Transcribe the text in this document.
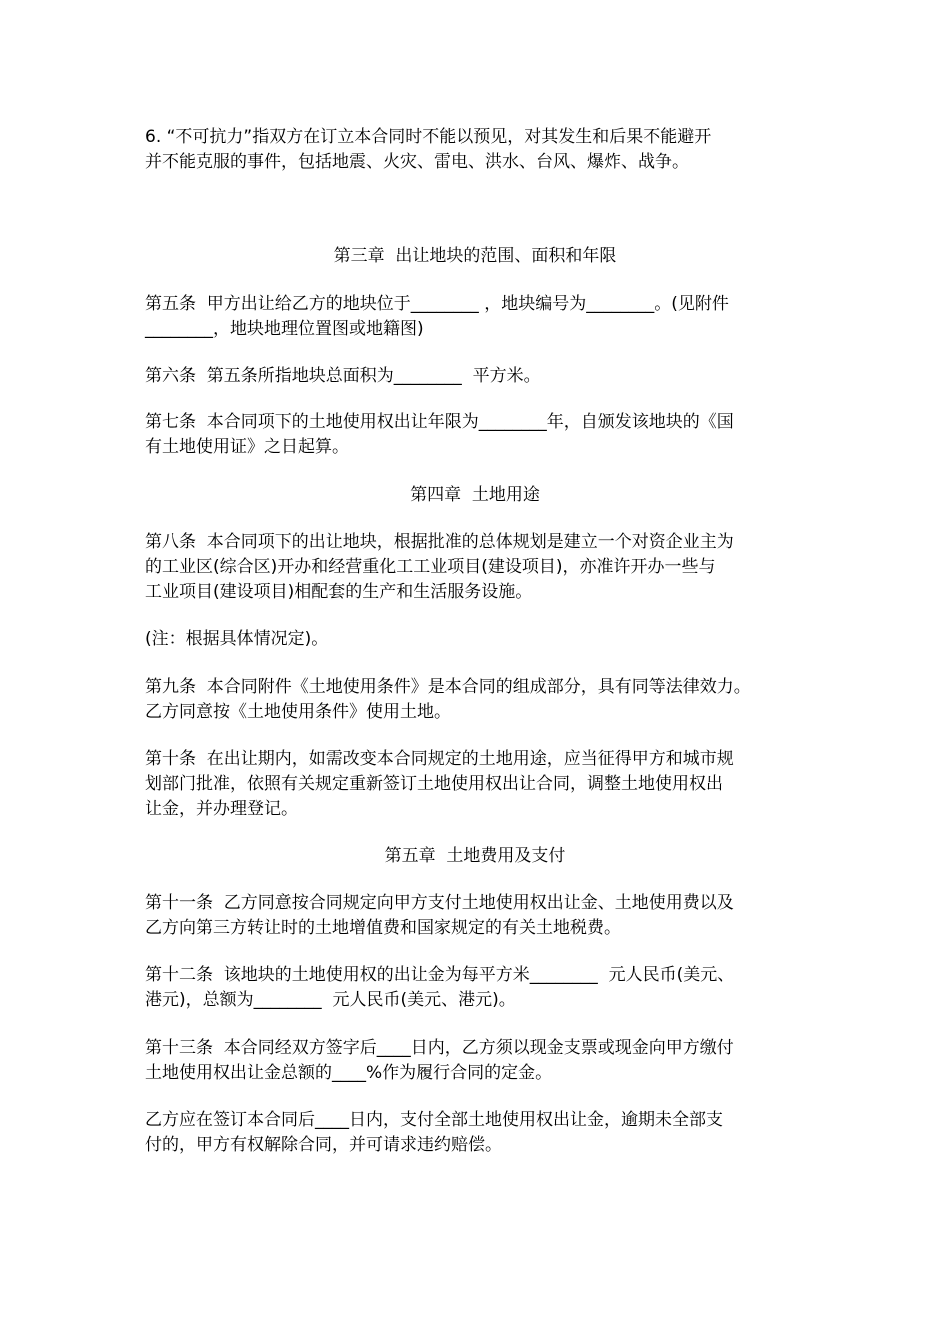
6. “不可抗力”指双方在订立本合同时不能以预见，对其发生和后果不能避开

并不能克服的事件，包括地震、火灾、雷电、洪水、台风、爆炸、战争。

第三章  出让地块的范围、面积和年限

第五条  甲方出让给乙方的地块位于________ ，地块编号为________。(见附件

________，地块地理位置图或地籍图)

第六条  第五条所指地块总面积为________  平方米。

第七条  本合同项下的土地使用权出让年限为________年，自颁发该地块的《国

有土地使用证》之日起算。

第四章  土地用途

第八条  本合同项下的出让地块，根据批准的总体规划是建立一个对资企业主为

的工业区(综合区)开办和经营重化工工业项目(建设项目)，亦准许开办一些与

工业项目(建设项目)相配套的生产和生活服务设施。

(注：根据具体情况定)。

第九条  本合同附件《土地使用条件》是本合同的组成部分，具有同等法律效力。

乙方同意按《土地使用条件》使用土地。

第十条  在出让期内，如需改变本合同规定的土地用途，应当征得甲方和城市规

划部门批准，依照有关规定重新签订土地使用权出让合同，调整土地使用权出

让金，并办理登记。

第五章  土地费用及支付

第十一条  乙方同意按合同规定向甲方支付土地使用权出让金、土地使用费以及

乙方向第三方转让时的土地增值费和国家规定的有关土地税费。

第十二条  该地块的土地使用权的出让金为每平方米________  元人民币(美元、

港元)，总额为________  元人民币(美元、港元)。

第十三条  本合同经双方签字后____日内，乙方须以现金支票或现金向甲方缴付

土地使用权出让金总额的____%作为履行合同的定金。

乙方应在签订本合同后____日内，支付全部土地使用权出让金，逾期未全部支

付的，甲方有权解除合同，并可请求违约赔偿。
